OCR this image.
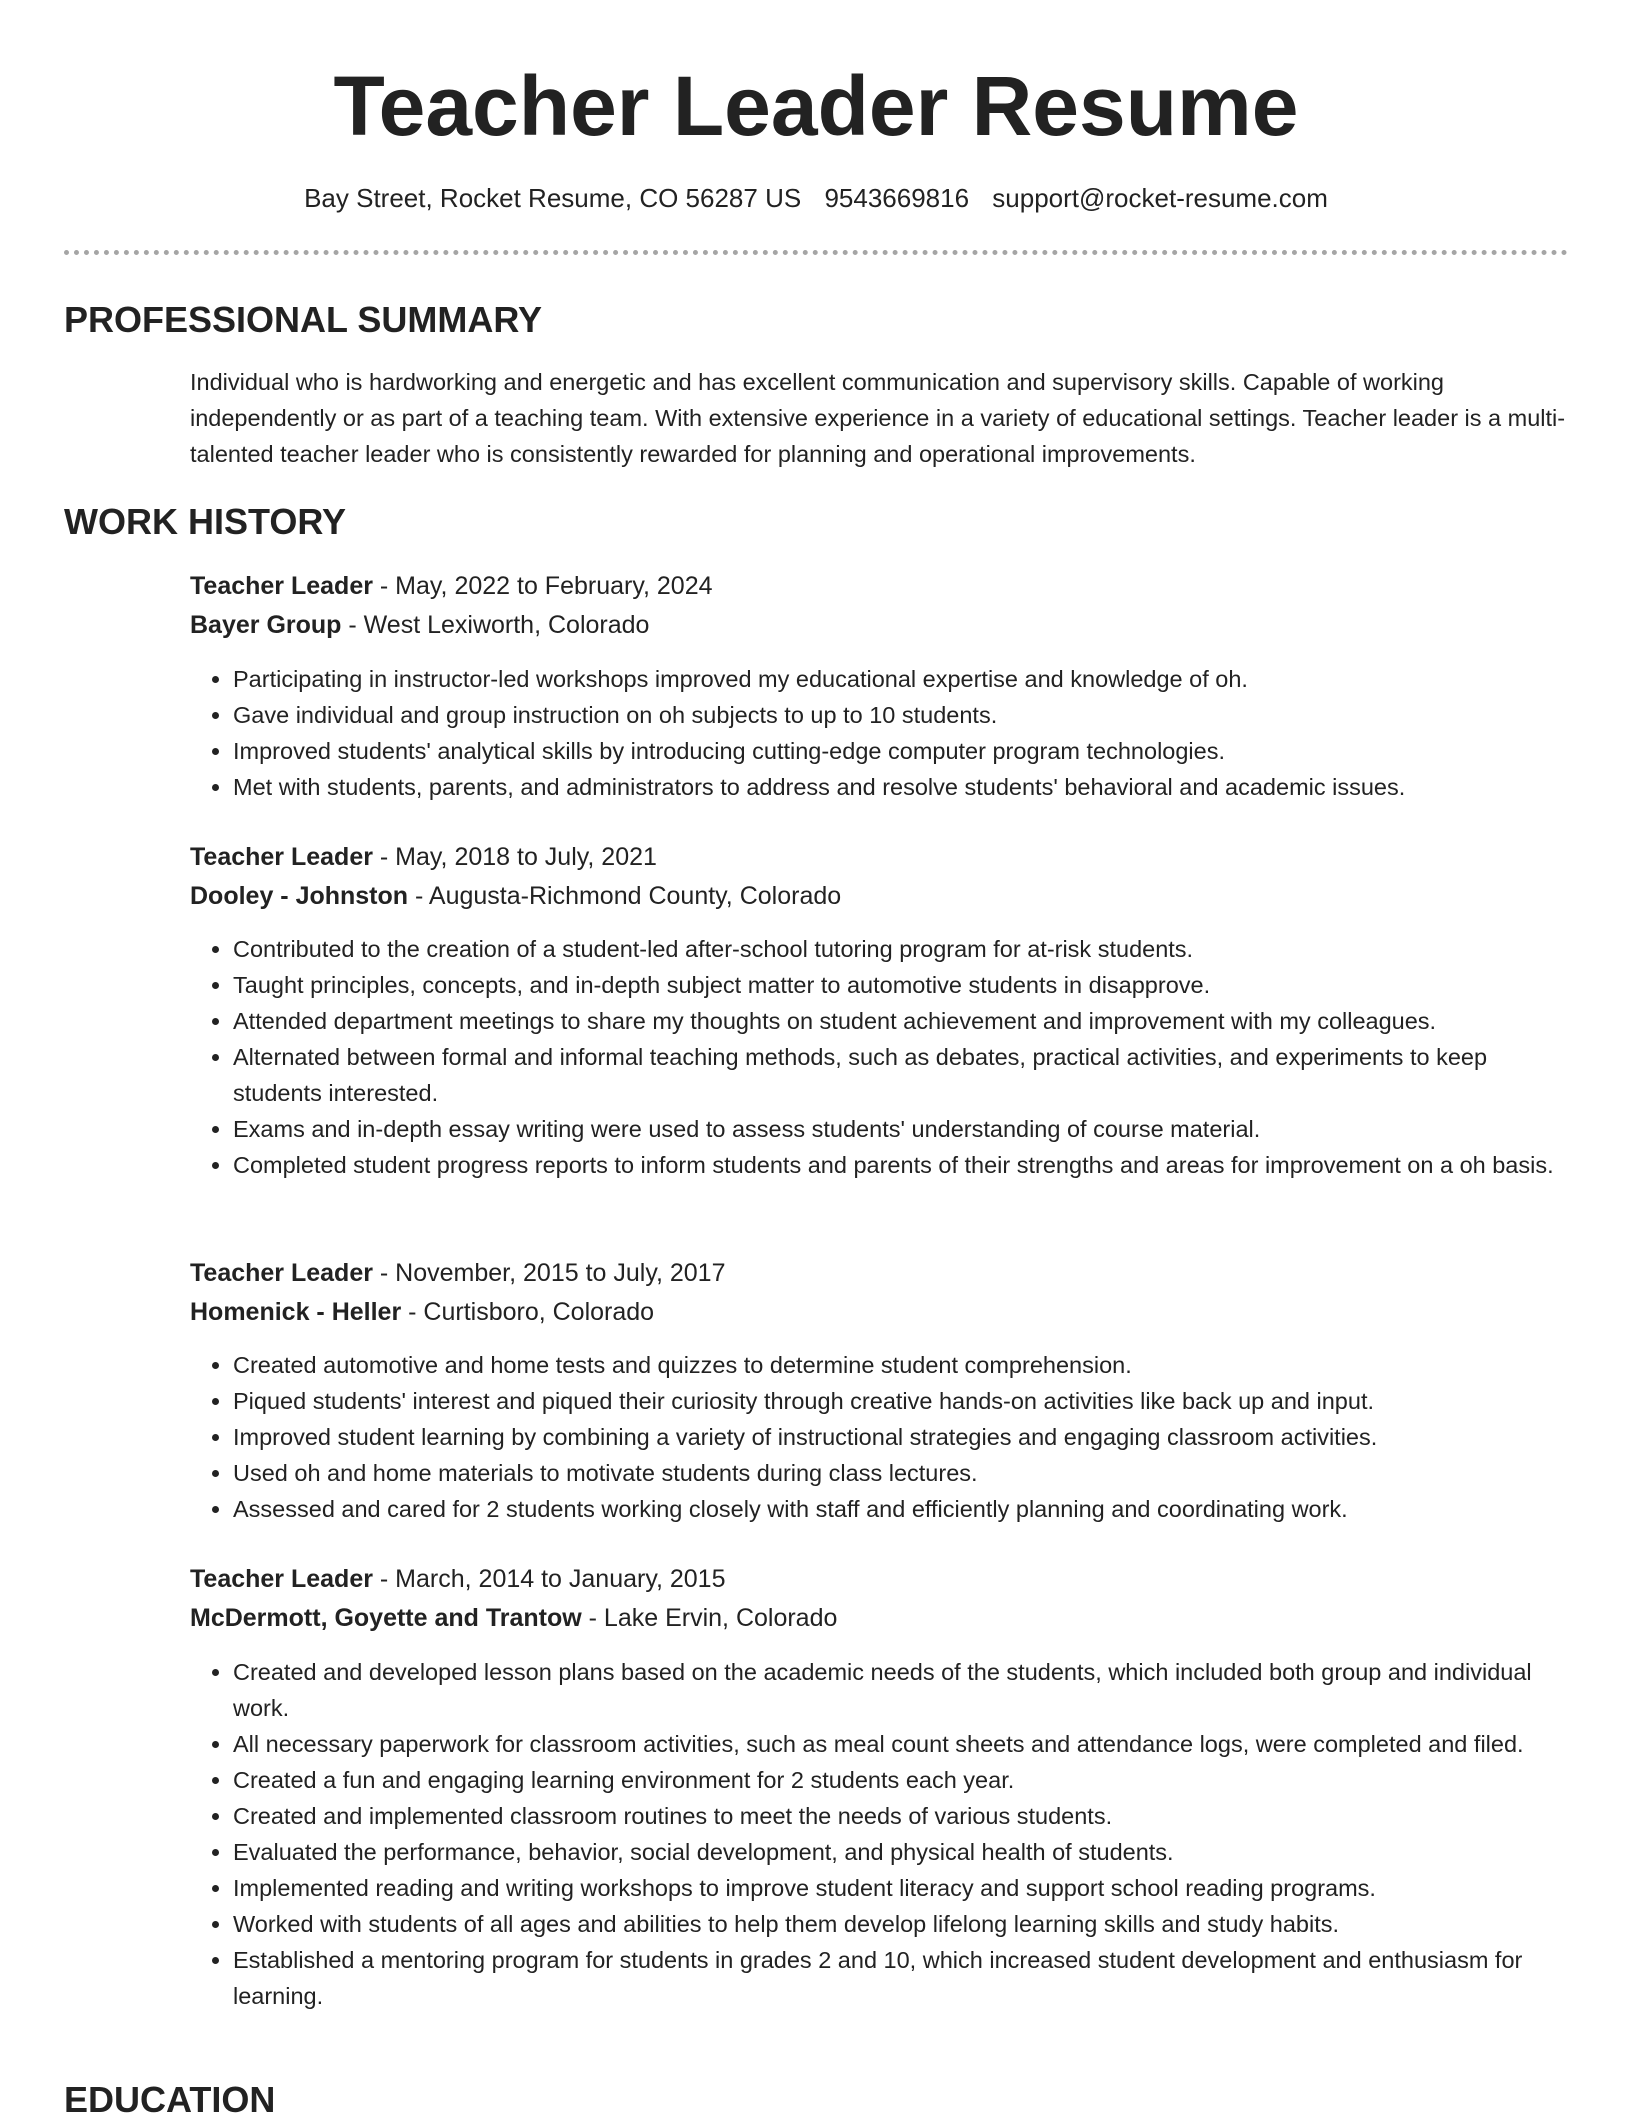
Teacher Leader Resume
Bay Street, Rocket Resume, CO 56287 US 9543669816 support@rocket-resume.com
PROFESSIONAL SUMMARY

Individual who is hardworking and energetic and has excellent communication and supervisory skills. Capable of working independently or as part of a teaching team. With extensive experience in a variety of educational settings. Teacher leader is a multi-talented teacher leader who is consistently rewarded for planning and operational improvements.

WORK HISTORY
Teacher Leader - May, 2022 to February, 2024
Bayer Group - West Lexiworth, Colorado
• Participating in instructor-led workshops improved my educational expertise and knowledge of oh.
• Gave individual and group instruction on oh subjects to up to 10 students.
• Improved students' analytical skills by introducing cutting-edge computer program technologies.
• Met with students, parents, and administrators to address and resolve students' behavioral and academic issues.
Teacher Leader - May, 2018 to July, 2021
Dooley - Johnston - Augusta-Richmond County, Colorado
• Contributed to the creation of a student-led after-school tutoring program for at-risk students.
• Taught principles, concepts, and in-depth subject matter to automotive students in disapprove.
• Attended department meetings to share my thoughts on student achievement and improvement with my colleagues.
• Alternated between formal and informal teaching methods, such as debates, practical activities, and experiments to keep students interested.
• Exams and in-depth essay writing were used to assess students' understanding of course material.
• Completed student progress reports to inform students and parents of their strengths and areas for improvement on a oh basis.
Teacher Leader - November, 2015 to July, 2017
Homenick - Heller - Curtisboro, Colorado
• Created automotive and home tests and quizzes to determine student comprehension.
• Piqued students' interest and piqued their curiosity through creative hands-on activities like back up and input.
• Improved student learning by combining a variety of instructional strategies and engaging classroom activities.
• Used oh and home materials to motivate students during class lectures.
• Assessed and cared for 2 students working closely with staff and efficiently planning and coordinating work.
Teacher Leader - March, 2014 to January, 2015
McDermott, Goyette and Trantow - Lake Ervin, Colorado
• Created and developed lesson plans based on the academic needs of the students, which included both group and individual work.
• All necessary paperwork for classroom activities, such as meal count sheets and attendance logs, were completed and filed.
• Created a fun and engaging learning environment for 2 students each year.
• Created and implemented classroom routines to meet the needs of various students.
• Evaluated the performance, behavior, social development, and physical health of students.
• Implemented reading and writing workshops to improve student literacy and support school reading programs.
• Worked with students of all ages and abilities to help them develop lifelong learning skills and study habits.
• Established a mentoring program for students in grades 2 and 10, which increased student development and enthusiasm for learning.
EDUCATION
